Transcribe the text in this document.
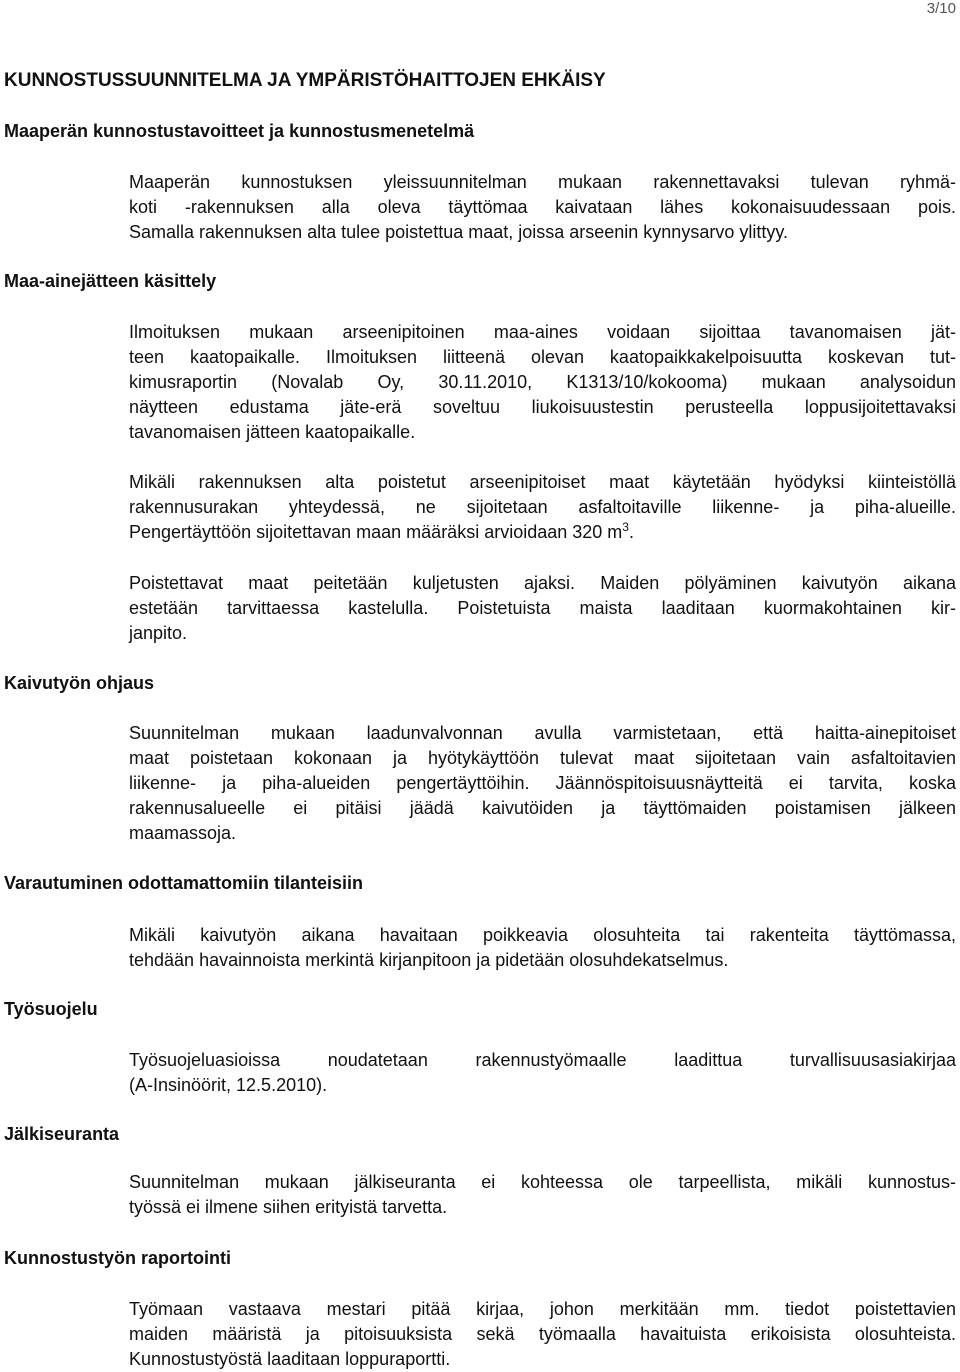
3/10
KUNNOSTUSSUUNNITELMA JA YMPÄRISTÖHAITTOJEN EHKÄISY
Maaperän kunnostustavoitteet ja kunnostusmenetelmä
Maaperän kunnostuksen yleissuunnitelman mukaan rakennettavaksi tulevan ryhmä-
koti -rakennuksen alla oleva täyttömaa kaivataan lähes kokonaisuudessaan pois.
Samalla rakennuksen alta tulee poistettua maat, joissa arseenin kynnysarvo ylittyy.
Maa-ainejätteen käsittely
Ilmoituksen mukaan arseenipitoinen maa-aines voidaan sijoittaa tavanomaisen jät-
teen kaatopaikalle. Ilmoituksen liitteenä olevan kaatopaikkakelpoisuutta koskevan tut-
kimusraportin (Novalab Oy, 30.11.2010, K1313/10/kokooma) mukaan analysoidun
näytteen edustama jäte-erä soveltuu liukoisuustestin perusteella loppusijoitettavaksi
tavanomaisen jätteen kaatopaikalle.
Mikäli rakennuksen alta poistetut arseenipitoiset maat käytetään hyödyksi kiinteistöllä
rakennusurakan yhteydessä, ne sijoitetaan asfaltoitaville liikenne- ja piha-alueille.
Pengertäyttöön sijoitettavan maan määräksi arvioidaan 320 $m^3$.
Poistettavat maat peitetään kuljetusten ajaksi. Maiden pölyäminen kaivutyön aikana
estetään tarvittaessa kastelulla. Poistetuista maista laaditaan kuormakohtainen kir-
janpito.
Kaivutyön ohjaus
Suunnitelman mukaan laadunvalvonnan avulla varmistetaan, että haitta-ainepitoiset
maat poistetaan kokonaan ja hyötykäyttöön tulevat maat sijoitetaan vain asfaltoitavien
liikenne- ja piha-alueiden pengertäyttöihin. Jäännöspitoisuusnäytteitä ei tarvita, koska
rakennusalueelle ei pitäisi jäädä kaivutöiden ja täyttömaiden poistamisen jälkeen
maamassoja.
Varautuminen odottamattomiin tilanteisiin
Mikäli kaivutyön aikana havaitaan poikkeavia olosuhteita tai rakenteita täyttömassa,
tehdään havainnoista merkintä kirjanpitoon ja pidetään olosuhdekatselmus.
Työsuojelu
Työsuojeluasioissa noudatetaan rakennustyömaalle laadittua turvallisuusasiakirjaa
(A-Insinöörit, 12.5.2010).
Jälkiseuranta
Suunnitelman mukaan jälkiseuranta ei kohteessa ole tarpeellista, mikäli kunnostus-
työssä ei ilmene siihen erityistä tarvetta.
Kunnostustyön raportointi
Työmaan vastaava mestari pitää kirjaa, johon merkitään mm. tiedot poistettavien
maiden määristä ja pitoisuuksista sekä työmaalla havaituista erikoisista olosuhteista.
Kunnostustyöstä laaditaan loppuraportti.
